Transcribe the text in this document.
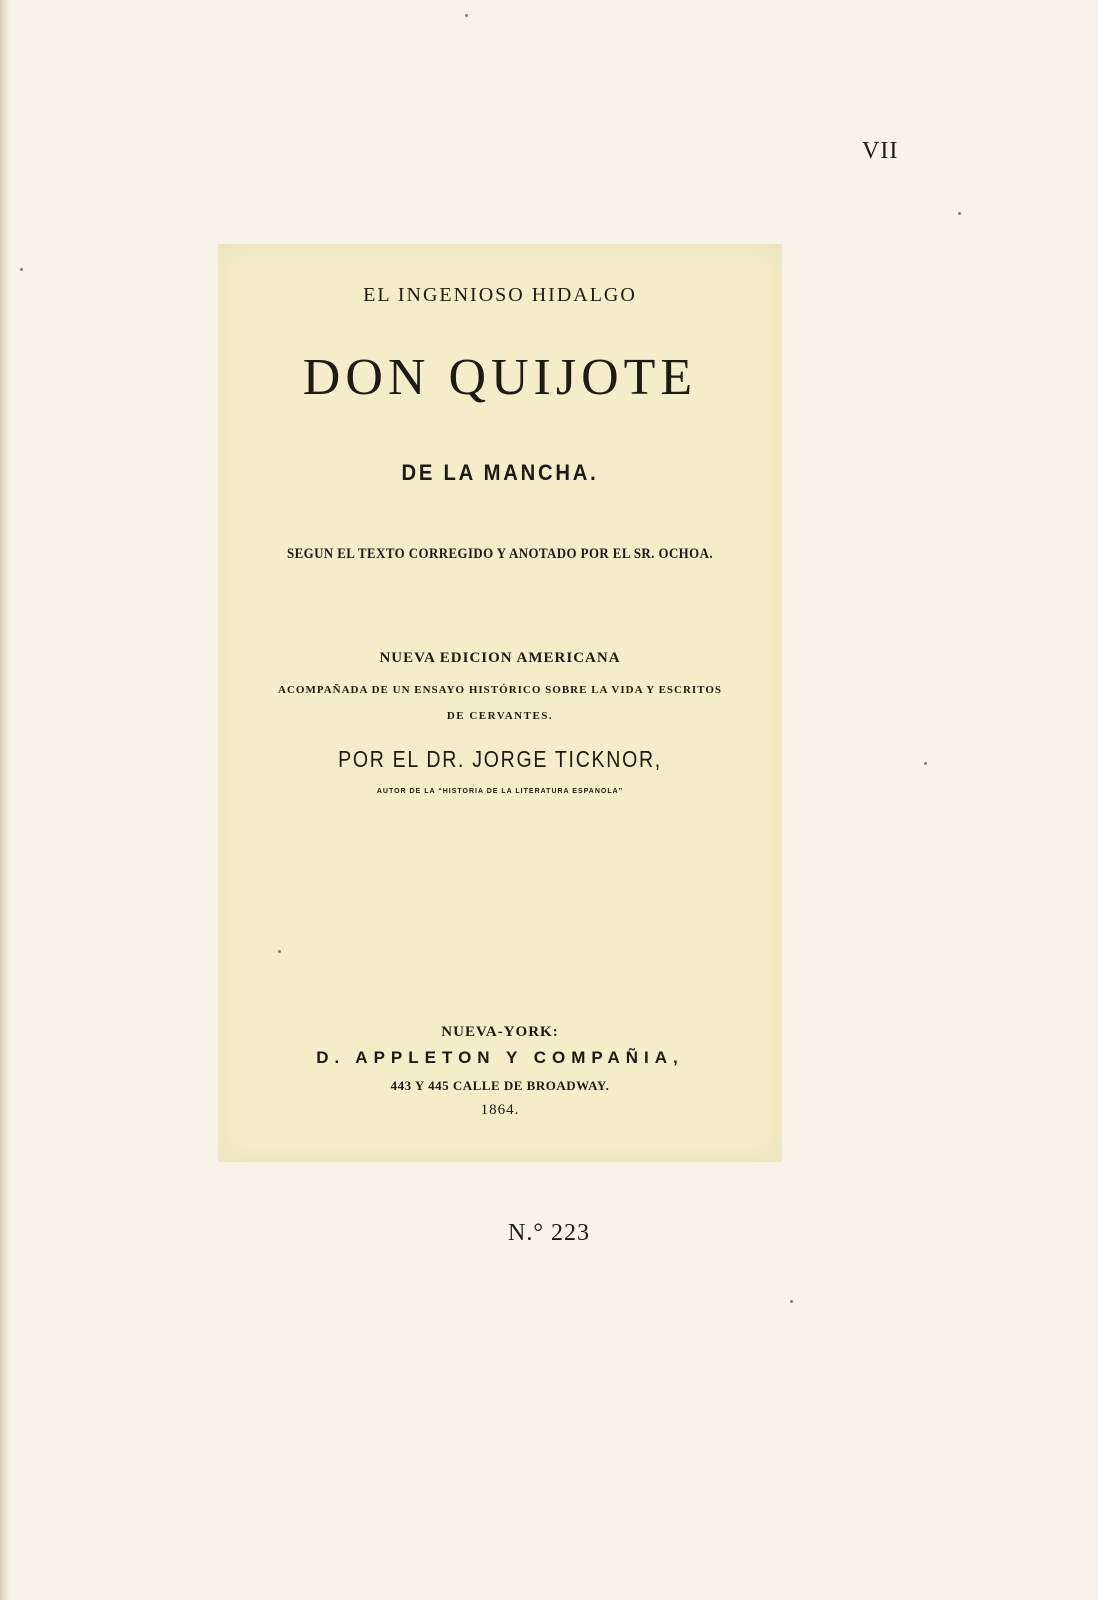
VII
EL INGENIOSO HIDALGO
DON QUIJOTE
DE LA MANCHA.
SEGUN EL TEXTO CORREGIDO Y ANOTADO POR EL SR. OCHOA.
NUEVA EDICION AMERICANA
ACOMPAÑADA DE UN ENSAYO HISTÓRICO SOBRE LA VIDA Y ESCRITOS
DE CERVANTES.
POR EL DR. JORGE TICKNOR,
AUTOR DE LA “HISTORIA DE LA LITERATURA ESPANOLA”
NUEVA-YORK:
D. APPLETON Y COMPAÑIA,
443 Y 445 CALLE DE BROADWAY.
1864.
N.° 223
